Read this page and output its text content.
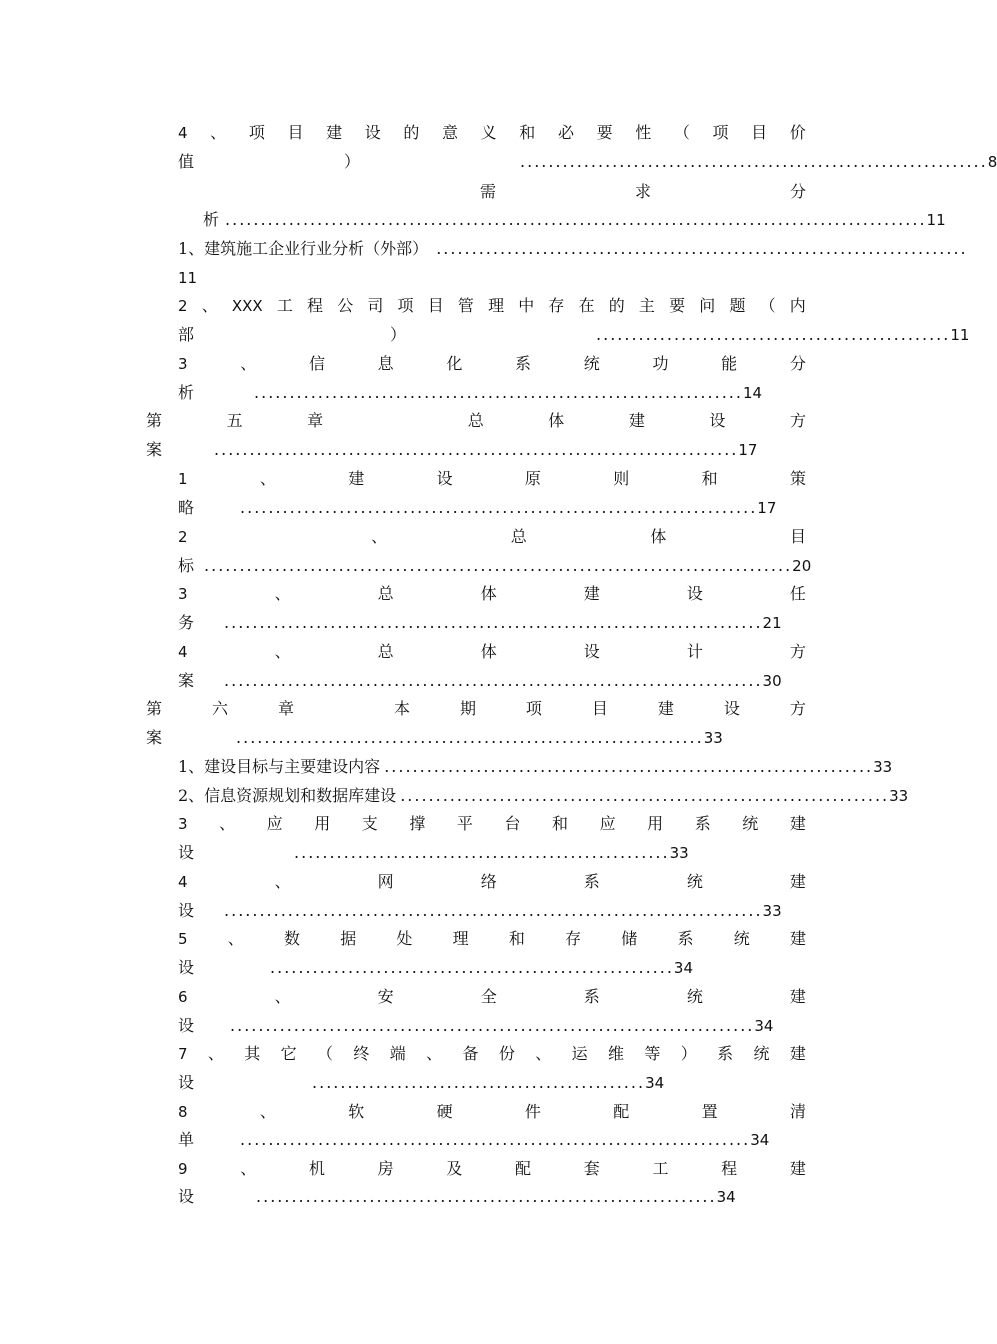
4 、 项 目 建 设 的 意 义 和 必 要 性 （ 项 目 价
值	）	.................................................................. 8
需	求	分
析 ................................................................................................... 11
1、建筑施工企业行业分析（外部） ...........................................................................
11
2 、 XXX 工 程 公 司 项 目 管 理 中 存 在 的 主 要 问 题 （ 内
部	）	.................................................. 11
3	、	信	息	化	系	统	功	能	分
析	..................................................................... 14
第	五	章	总	体	建	设	方
案	.......................................................................... 17
1	、	建	设	原	则	和	策
略	......................................................................... 17
2	、	总	体	目
标 ................................................................................... 20
3	、	总	体	建	设	任
务 ............................................................................ 21
4	、	总	体	设	计	方
案 ............................................................................ 30
第	六	章	本	期	项	目	建	设	方
案	.................................................................. 33
1、建设目标与主要建设内容 ..................................................................... 33
2、信息资源规划和数据库建设 ..................................................................... 33
3 、 应 用 支 撑 平 台 和 应 用 系 统 建
设	..................................................... 33
4	、	网	络	系	统	建
设 ............................................................................ 33
5	、	数	据	处	理	和	存	储	系	统	建
设	......................................................... 34
6	、	安	全	系	统	建
设 .......................................................................... 34
7 、 其 它 （ 终 端 、 备 份 、 运 维 等 ） 系 统 建
设	............................................... 34
8	、	软	硬	件	配	置	清
单	........................................................................ 34
9	、	机	房	及	配	套	工	程	建
设	................................................................. 34
